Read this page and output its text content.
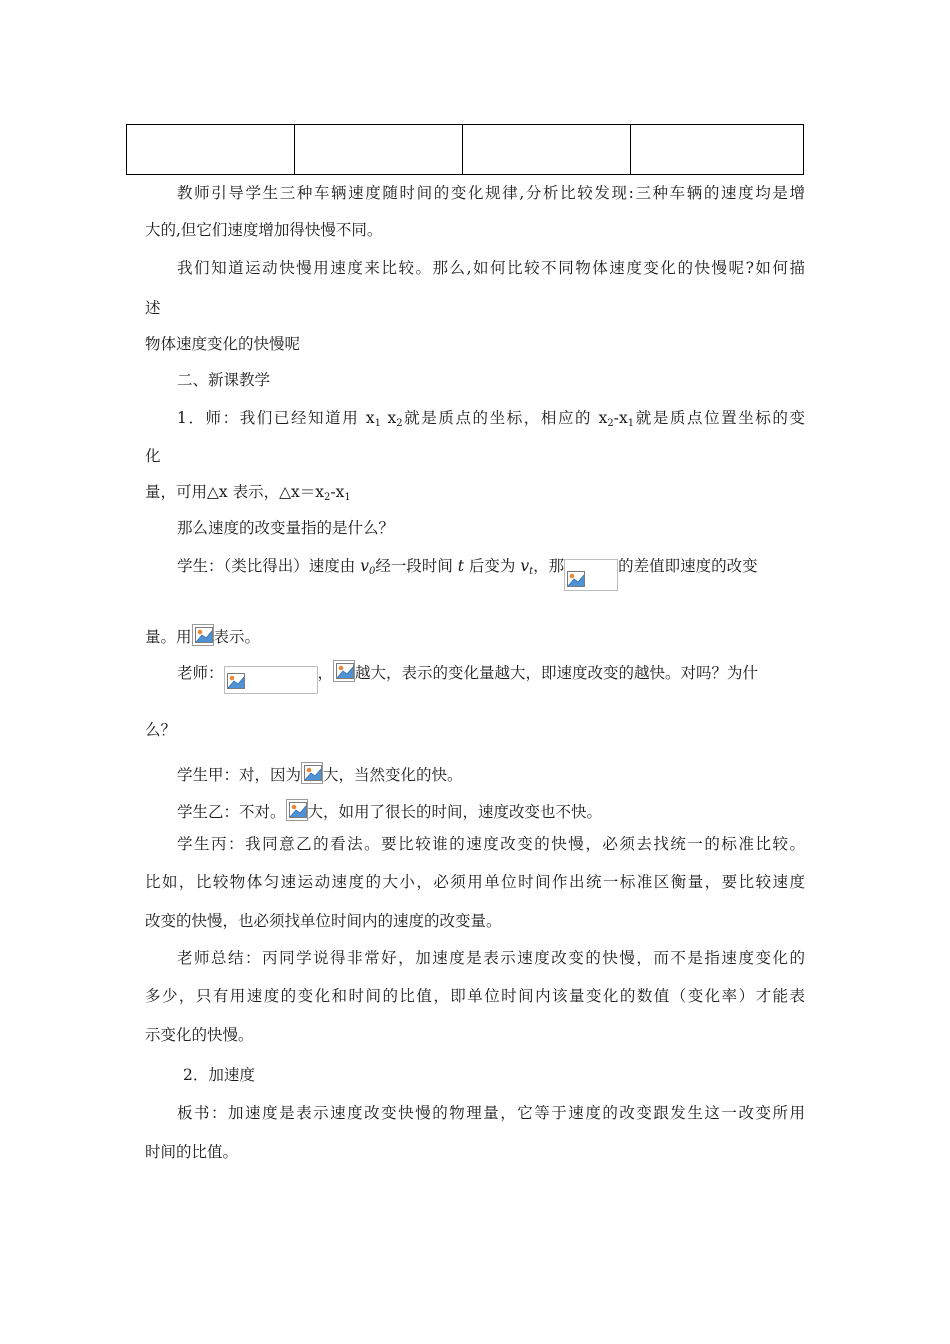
教师引导学生三种车辆速度随时间的变化规律,分析比较发现:三种车辆的速度均是增
大的,但它们速度增加得快慢不同。
我们知道运动快慢用速度来比较。那么,如何比较不同物体速度变化的快慢呢?如何描
述
物体速度变化的快慢呢
二、新课教学
1．师：我们已经知道用 $x_1$ $x_2$就是质点的坐标，相应的 $x_2-x_1$就是质点位置坐标的变
化
量，可用△x 表示，$\triangle x=x_2-x_1$
那么速度的改变量指的是什么？
学生：（类比得出）速度由 $v_0$经一段时间 t 后变为 $v_t$，那	的差值即速度的改变
量。用 表示。
老师：	， 越大，表示的变化量越大，即速度改变的越快。对吗？为什
么？
学生甲：对，因为 大，当然变化的快。
学生乙：不对。 大，如用了很长的时间，速度改变也不快。
学生丙：我同意乙的看法。要比较谁的速度改变的快慢，必须去找统一的标准比较。
比如，比较物体匀速运动速度的大小，必须用单位时间作出统一标准区衡量，要比较速度
改变的快慢，也必须找单位时间内的速度的改变量。
老师总结：丙同学说得非常好，加速度是表示速度改变的快慢，而不是指速度变化的
多少，只有用速度的变化和时间的比值，即单位时间内该量变化的数值（变化率）才能表
示变化的快慢。
2．加速度
板书：加速度是表示速度改变快慢的物理量，它等于速度的改变跟发生这一改变所用
时间的比值。
